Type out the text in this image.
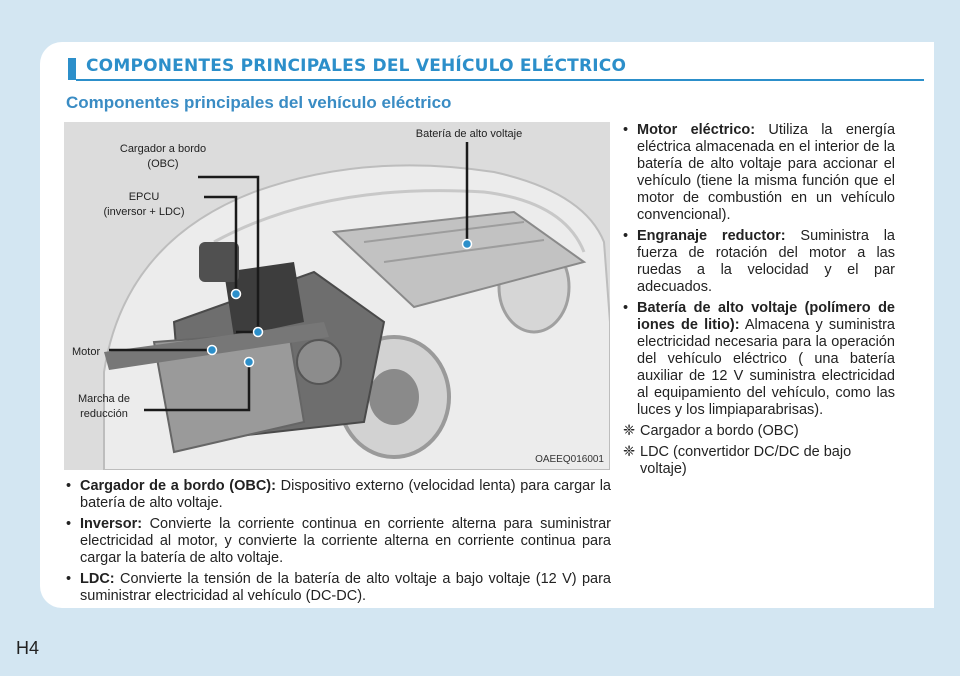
COMPONENTES PRINCIPALES DEL VEHÍCULO ELÉCTRICO
Componentes principales del vehículo eléctrico
Cargador a bordo
(OBC)
EPCU
(inversor + LDC)
Motor
Marcha de
reducción
Batería de alto voltaje
OAEEQ016001
• Cargador de a bordo (OBC): Dispositivo externo (velocidad lenta) para cargar la batería de alto voltaje.
• Inversor: Convierte la corriente continua en corriente alterna para suministrar electricidad al motor, y convierte la corriente alterna en corriente continua para cargar la batería de alto voltaje.
• LDC: Convierte la tensión de la batería de alto voltaje a bajo voltaje (12 V) para suministrar electricidad al vehículo (DC-DC).
• Motor eléctrico: Utiliza la energía eléctrica almacenada en el interior de la batería de alto voltaje para accionar el vehículo (tiene la misma función que el motor de combustión en un vehículo convencional).
• Engranaje reductor: Suministra la fuerza de rotación del motor a las ruedas a la velocidad y el par adecuados.
• Batería de alto voltaje (polímero de iones de litio): Almacena y suministra electricidad necesaria para la operación del vehículo eléctrico ( una batería auxiliar de 12 V suministra electricidad al equipamiento del vehículo, como las luces y los limpiaparabrisas).
❈ Cargador a bordo (OBC)
❈ LDC (convertidor DC/DC de bajo voltaje)
H4
